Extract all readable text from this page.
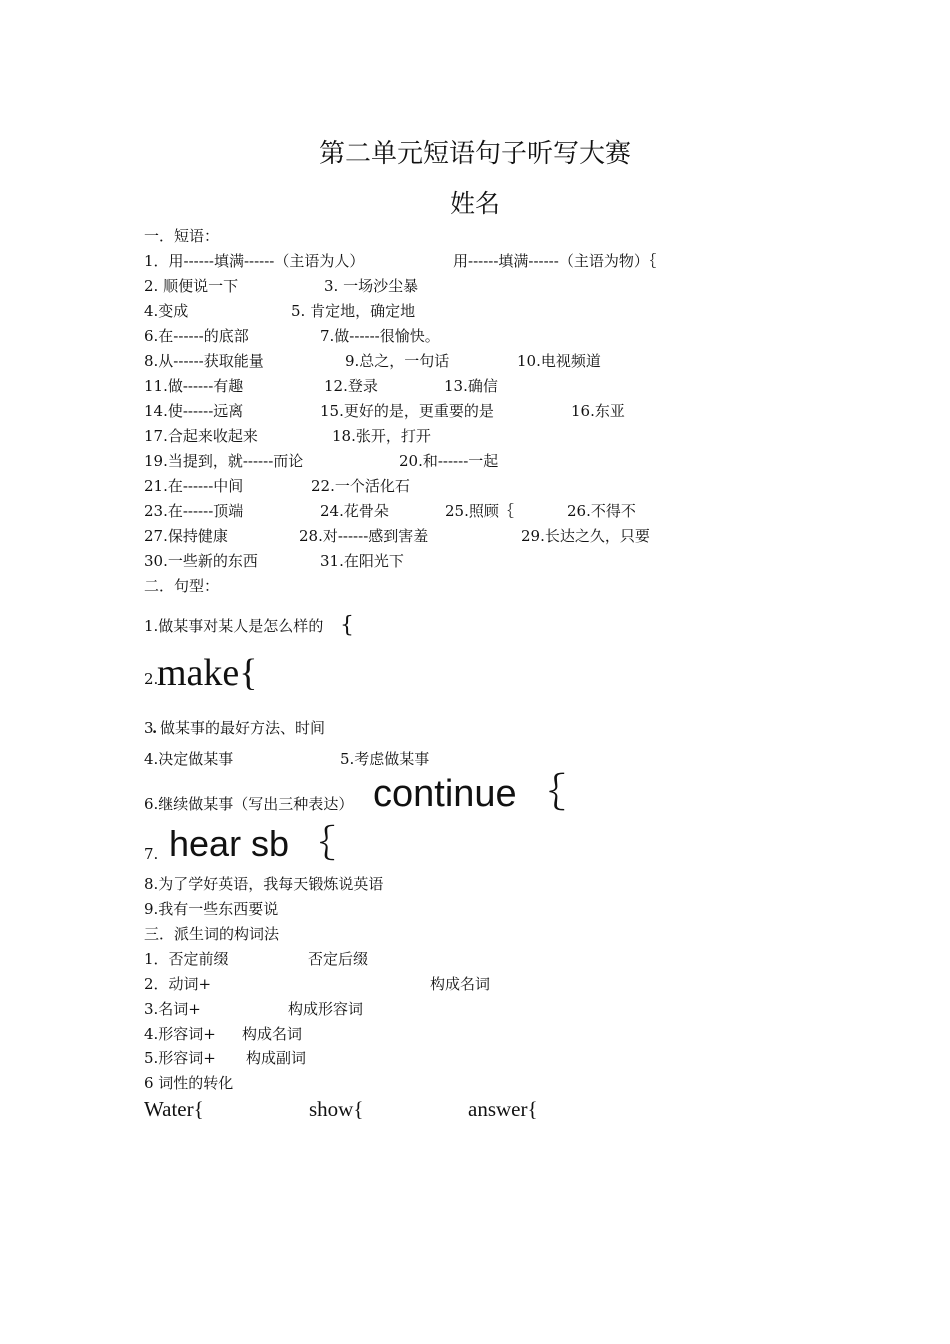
第二单元短语句子听写大赛
姓名
一．短语：
1．用------填满------（主语为人）	用------填满------（主语为物）｛
2. 顺便说一下	3. 一场沙尘暴
4.变成	5. 肯定地，确定地
6.在------的底部	7.做------很愉快。
8.从------获取能量	9.总之，一句话	10.电视频道
11.做------有趣	12.登录	13.确信
14.使------远离	15.更好的是，更重要的是	16.东亚
17.合起来收起来	18.张开，打开
19.当提到，就------而论	20.和------一起
21.在------中间	22.一个活化石
23.在------顶端	24.花骨朵	25.照顾｛	26.不得不
27.保持健康	28.对------感到害羞	29.长达之久，只要
30.一些新的东西	31.在阳光下
二．句型：
1.做某事对某人是怎么样的 {
2.
make{
3
. 做某事的最好方法、时间
4.决定做某事	5.考虑做某事
6.继续做某事（写出三种表达） continue ｛
7. hear sb ｛
8.为了学好英语，我每天锻炼说英语
9.我有一些东西要说
三．派生词的构词法
1．否定前缀	否定后缀
2．动词+	构成名词
3.名词+	构成形容词
4.形容词+ 构成名词
5.形容词+ 构成副词
6 词性的转化
Water{	show{	answer{
